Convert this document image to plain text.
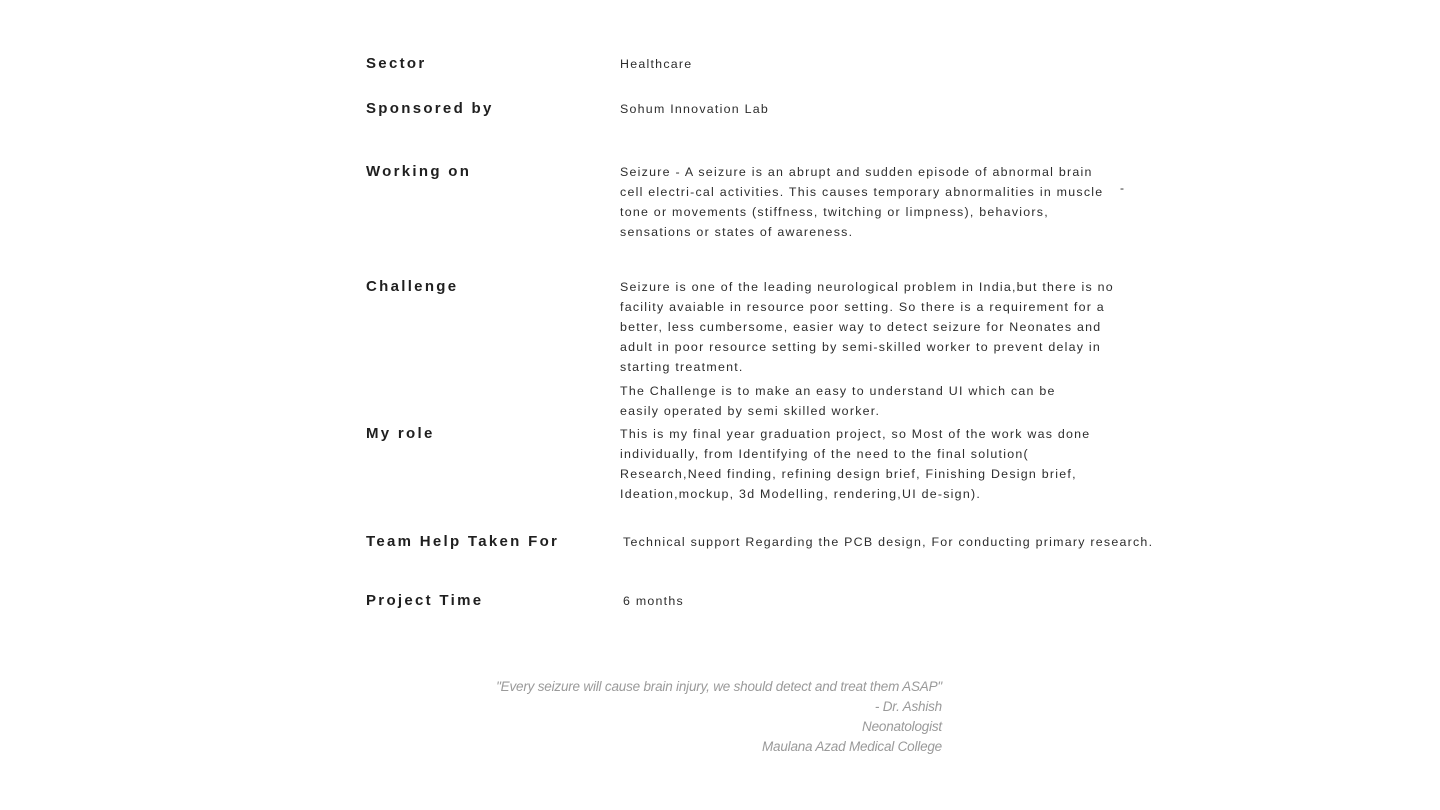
Sector	Healthcare
Sponsored by	Sohum Innovation Lab
Working on	Seizure - A seizure is an abrupt and sudden episode of abnormal brain cell electri-cal activities. This causes temporary abnormalities in muscle tone or movements (stiffness, twitching or limpness), behaviors, sensations or states of awareness.

-
Challenge	Seizure is one of the leading neurological problem in India,but there is no facility avaiable in resource poor setting. So there is a requirement for a better, less cumbersome, easier way to detect seizure for Neonates and adult in poor resource setting by semi-skilled worker to prevent delay in starting treatment.

The Challenge is to make an easy to understand UI which can be easily operated by semi skilled worker.

My role	This is my final year graduation project, so Most of the work was done individually, from Identifying of the need to the final solution( Research,Need finding, refining design brief, Finishing Design brief, Ideation,mockup, 3d Modelling, rendering,UI de-sign).

Team Help Taken For	Technical support Regarding the PCB design, For conducting primary research.
Project Time	6 months
"Every seizure will cause brain injury, we should detect and treat them ASAP"
- Dr. Ashish
Neonatologist
Maulana Azad Medical College
